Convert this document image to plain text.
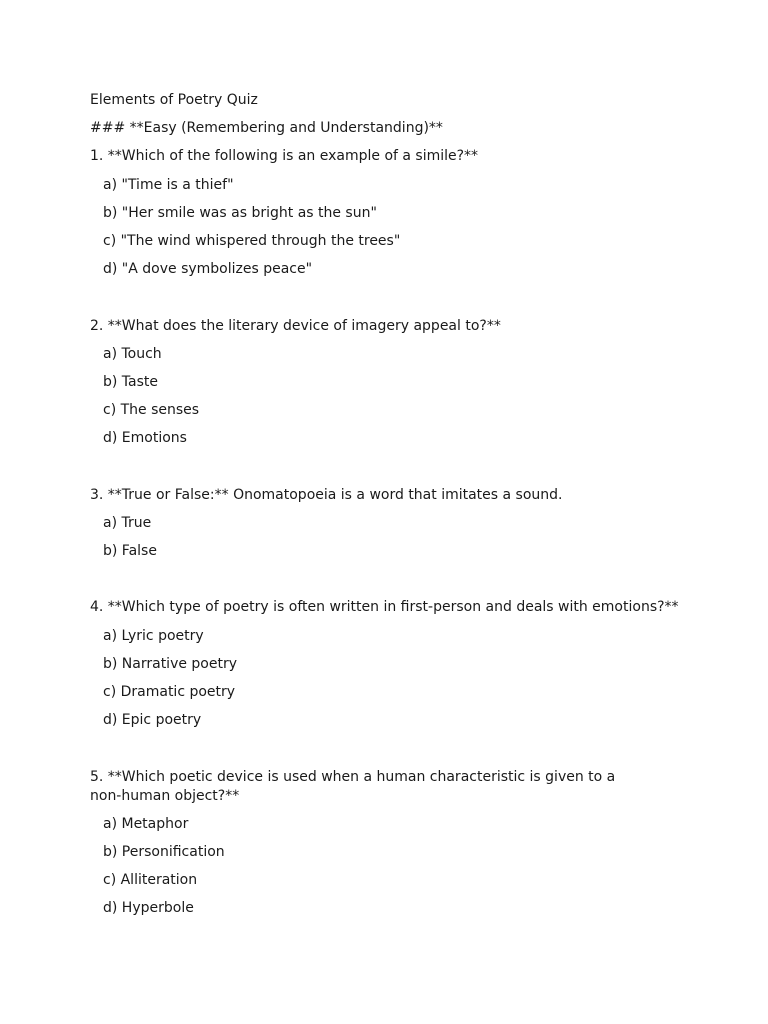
Elements of Poetry Quiz

### **Easy (Remembering and Understanding)**

1. **Which of the following is an example of a simile?**

a) "Time is a thief"

b) "Her smile was as bright as the sun"

c) "The wind whispered through the trees"

d) "A dove symbolizes peace"

2. **What does the literary device of imagery appeal to?**

a) Touch

b) Taste

c) The senses

d) Emotions

3. **True or False:** Onomatopoeia is a word that imitates a sound.

a) True

b) False

4. **Which type of poetry is often written in first-person and deals with emotions?**

a) Lyric poetry

b) Narrative poetry

c) Dramatic poetry

d) Epic poetry

5. **Which poetic device is used when a human characteristic is given to a non-human object?**

a) Metaphor

b) Personification

c) Alliteration

d) Hyperbole
